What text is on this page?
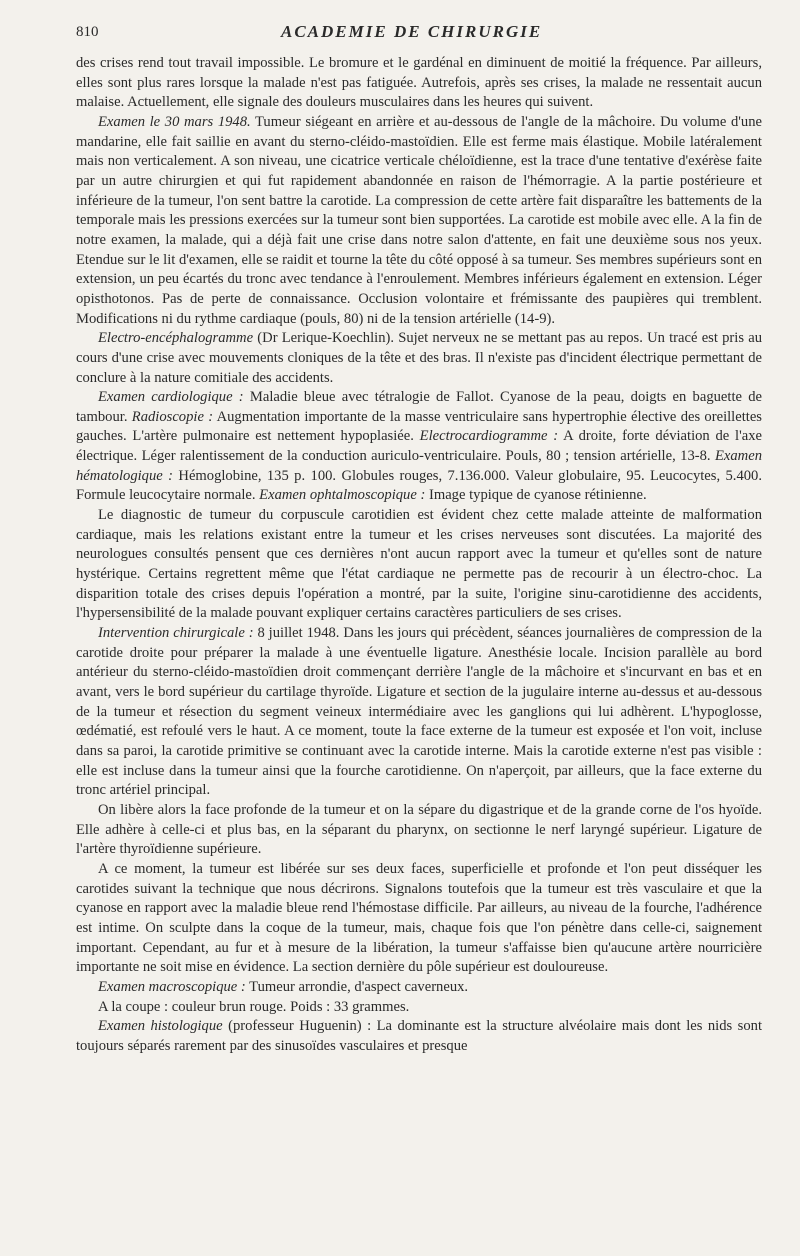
810	ACADEMIE DE CHIRURGIE

des crises rend tout travail impossible. Le bromure et le gardénal en diminuent de moitié la fréquence. Par ailleurs, elles sont plus rares lorsque la malade n'est pas fatiguée. Autrefois, après ses crises, la malade ne ressentait aucun malaise. Actuellement, elle signale des douleurs musculaires dans les heures qui suivent.

Examen le 30 mars 1948. Tumeur siégeant en arrière et au-dessous de l'angle de la mâchoire. Du volume d'une mandarine, elle fait saillie en avant du sterno-cléido-mastoïdien. Elle est ferme mais élastique. Mobile latéralement mais non verticalement. A son niveau, une cicatrice verticale chéloïdienne, est la trace d'une tentative d'exérèse faite par un autre chirurgien et qui fut rapidement abandonnée en raison de l'hémorragie. A la partie postérieure et inférieure de la tumeur, l'on sent battre la carotide. La compression de cette artère fait disparaître les battements de la temporale mais les pressions exercées sur la tumeur sont bien supportées. La carotide est mobile avec elle. A la fin de notre examen, la malade, qui a déjà fait une crise dans notre salon d'attente, en fait une deuxième sous nos yeux. Etendue sur le lit d'examen, elle se raidit et tourne la tête du côté opposé à sa tumeur. Ses membres supérieurs sont en extension, un peu écartés du tronc avec tendance à l'enroulement. Membres inférieurs également en extension. Léger opisthotonos. Pas de perte de connaissance. Occlusion volontaire et frémissante des paupières qui tremblent. Modifications ni du rythme cardiaque (pouls, 80) ni de la tension artérielle (14-9).

Electro-encéphalogramme (Dr Lerique-Koechlin). Sujet nerveux ne se mettant pas au repos. Un tracé est pris au cours d'une crise avec mouvements cloniques de la tête et des bras. Il n'existe pas d'incident électrique permettant de conclure à la nature comitiale des accidents.

Examen cardiologique : Maladie bleue avec tétralogie de Fallot. Cyanose de la peau, doigts en baguette de tambour. Radioscopie : Augmentation importante de la masse ventriculaire sans hypertrophie élective des oreillettes gauches. L'artère pulmonaire est nettement hypoplasiée. Electrocardiogramme : A droite, forte déviation de l'axe électrique. Léger ralentissement de la conduction auriculo-ventriculaire. Pouls, 80 ; tension artérielle, 13-8. Examen hématologique : Hémoglobine, 135 p. 100. Globules rouges, 7.136.000. Valeur globulaire, 95. Leucocytes, 5.400. Formule leucocytaire normale. Examen ophtalmoscopique : Image typique de cyanose rétinienne.

Le diagnostic de tumeur du corpuscule carotidien est évident chez cette malade atteinte de malformation cardiaque, mais les relations existant entre la tumeur et les crises nerveuses sont discutées. La majorité des neurologues consultés pensent que ces dernières n'ont aucun rapport avec la tumeur et qu'elles sont de nature hystérique. Certains regrettent même que l'état cardiaque ne permette pas de recourir à un électro-choc. La disparition totale des crises depuis l'opération a montré, par la suite, l'origine sinu-carotidienne des accidents, l'hypersensibilité de la malade pouvant expliquer certains caractères particuliers de ses crises.

Intervention chirurgicale : 8 juillet 1948. Dans les jours qui précèdent, séances journalières de compression de la carotide droite pour préparer la malade à une éventuelle ligature. Anesthésie locale. Incision parallèle au bord antérieur du sterno-cléido-mastoïdien droit commençant derrière l'angle de la mâchoire et s'incurvant en bas et en avant, vers le bord supérieur du cartilage thyroïde. Ligature et section de la jugulaire interne au-dessus et au-dessous de la tumeur et résection du segment veineux intermédiaire avec les ganglions qui lui adhèrent. L'hypoglosse, œdématié, est refoulé vers le haut. A ce moment, toute la face externe de la tumeur est exposée et l'on voit, incluse dans sa paroi, la carotide primitive se continuant avec la carotide interne. Mais la carotide externe n'est pas visible : elle est incluse dans la tumeur ainsi que la fourche carotidienne. On n'aperçoit, par ailleurs, que la face externe du tronc artériel principal.

On libère alors la face profonde de la tumeur et on la sépare du digastrique et de la grande corne de l'os hyoïde. Elle adhère à celle-ci et plus bas, en la séparant du pharynx, on sectionne le nerf laryngé supérieur. Ligature de l'artère thyroïdienne supérieure.

A ce moment, la tumeur est libérée sur ses deux faces, superficielle et profonde et l'on peut disséquer les carotides suivant la technique que nous décrirons. Signalons toutefois que la tumeur est très vasculaire et que la cyanose en rapport avec la maladie bleue rend l'hémostase difficile. Par ailleurs, au niveau de la fourche, l'adhérence est intime. On sculpte dans la coque de la tumeur, mais, chaque fois que l'on pénètre dans celle-ci, saignement important. Cependant, au fur et à mesure de la libération, la tumeur s'affaisse bien qu'aucune artère nourricière importante ne soit mise en évidence. La section dernière du pôle supérieur est douloureuse.

Examen macroscopique : Tumeur arrondie, d'aspect caverneux.

A la coupe : couleur brun rouge. Poids : 33 grammes.

Examen histologique (professeur Huguenin) : La dominante est la structure alvéolaire mais dont les nids sont toujours séparés rarement par des sinusoïdes vasculaires et presque
